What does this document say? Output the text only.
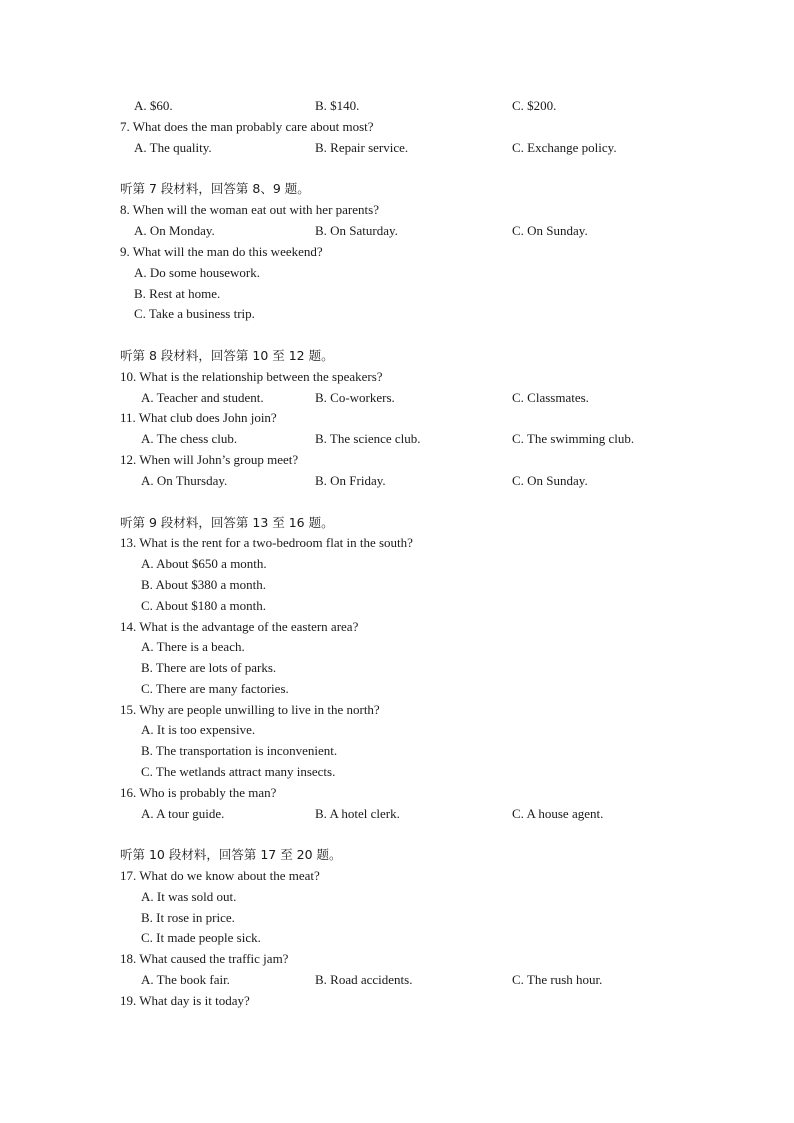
A. $60.	B. $140.	C. $200.
7. What does the man probably care about most?
A. The quality.	B. Repair service.	C. Exchange policy.
听第 7 段材料，回答第 8、9 题。
8. When will the woman eat out with her parents?
A. On Monday.	B. On Saturday.	C. On Sunday.
9. What will the man do this weekend?
A. Do some housework.
B. Rest at home.
C. Take a business trip.
听第 8 段材料，回答第 10 至 12 题。
10. What is the relationship between the speakers?
A. Teacher and student.	B. Co-workers.	C. Classmates.
11. What club does John join?
A. The chess club.	B. The science club.	C. The swimming club.
12. When will John’s group meet?
A. On Thursday.	B. On Friday.	C. On Sunday.
听第 9 段材料，回答第 13 至 16 题。
13. What is the rent for a two-bedroom flat in the south?
A. About $650 a month.
B. About $380 a month.
C. About $180 a month.
14. What is the advantage of the eastern area?
A. There is a beach.
B. There are lots of parks.
C. There are many factories.
15. Why are people unwilling to live in the north?
A. It is too expensive.
B. The transportation is inconvenient.
C. The wetlands attract many insects.
16. Who is probably the man?
A. A tour guide.	B. A hotel clerk.	C. A house agent.
听第 10 段材料，回答第 17 至 20 题。
17. What do we know about the meat?
A. It was sold out.
B. It rose in price.
C. It made people sick.
18. What caused the traffic jam?
A. The book fair.	B. Road accidents.	C. The rush hour.
19. What day is it today?
